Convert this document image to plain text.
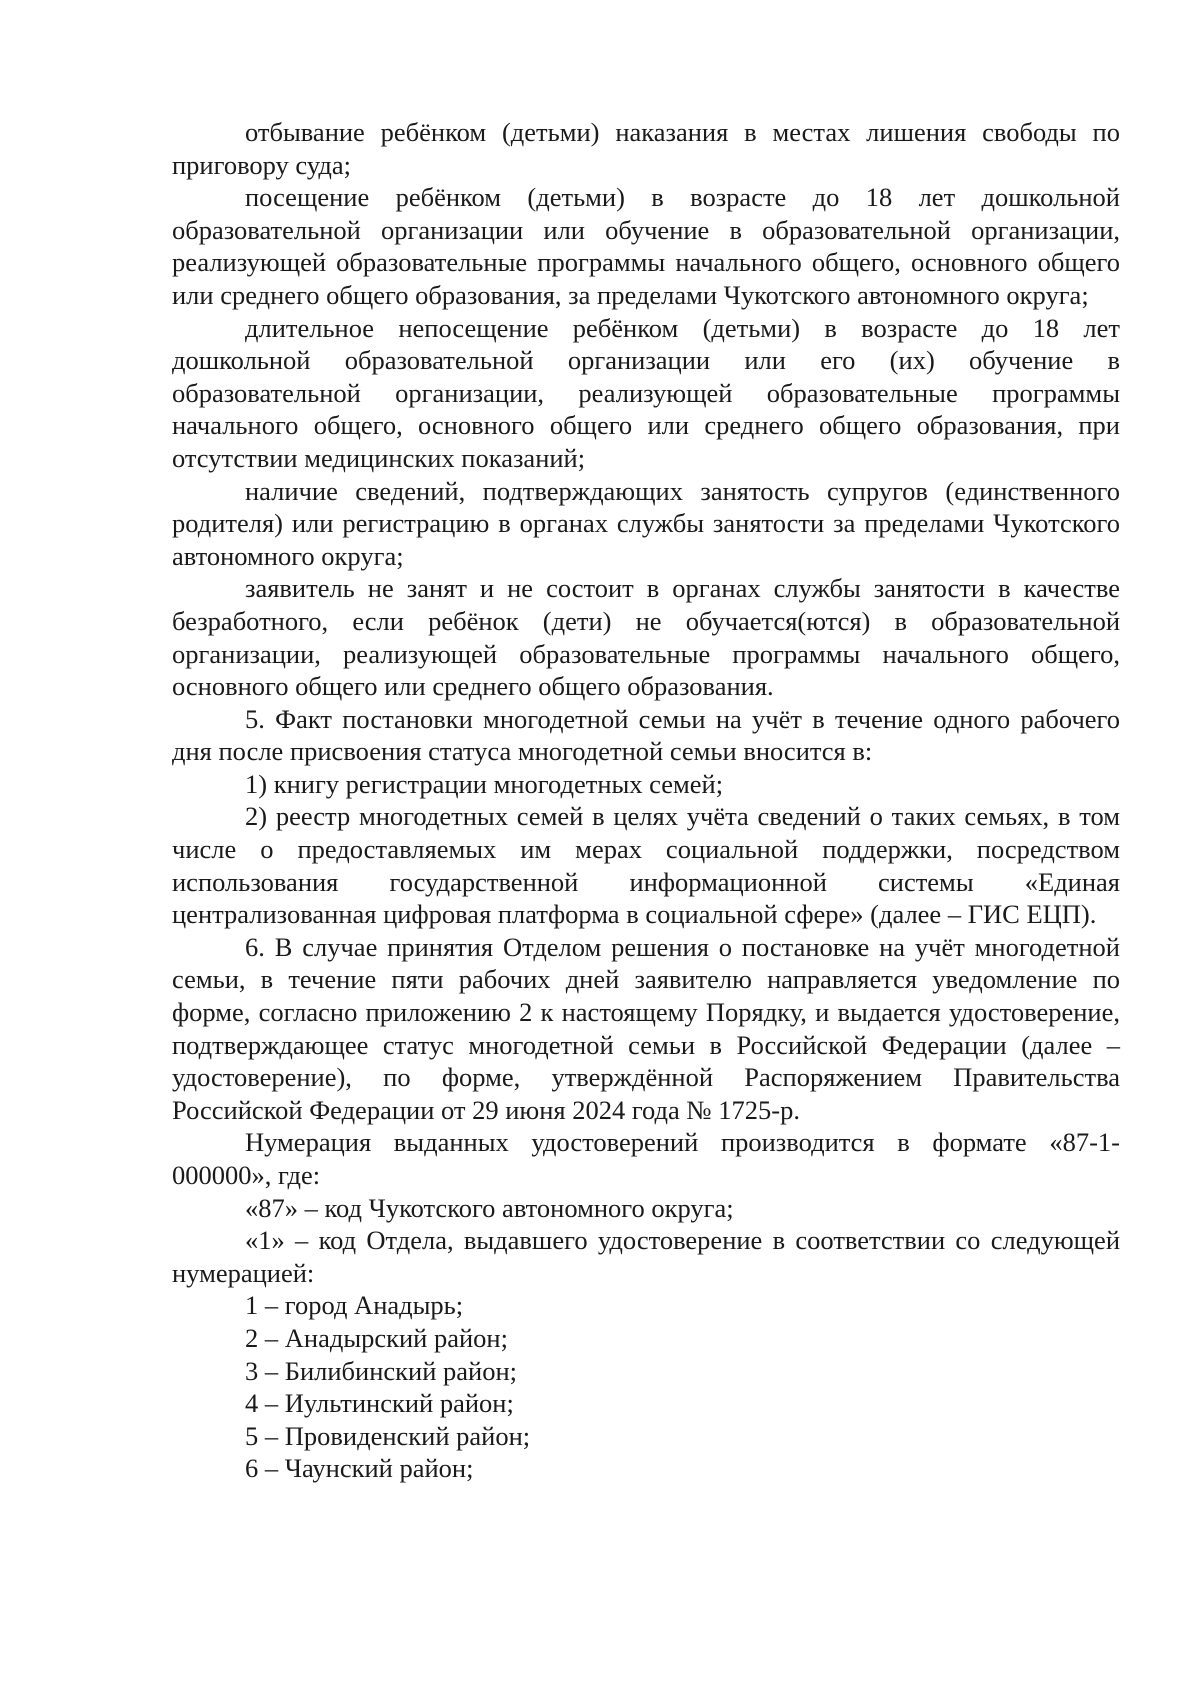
отбывание ребёнком (детьми) наказания в местах лишения свободы по приговору суда;

посещение ребёнком (детьми) в возрасте до 18 лет дошкольной образовательной организации или обучение в образовательной организации, реализующей образовательные программы начального общего, основного общего или среднего общего образования, за пределами Чукотского автономного округа;

длительное непосещение ребёнком (детьми) в возрасте до 18 лет дошкольной образовательной организации или его (их) обучение в образовательной организации, реализующей образовательные программы начального общего, основного общего или среднего общего образования, при отсутствии медицинских показаний;

наличие сведений, подтверждающих занятость супругов (единственного родителя) или регистрацию в органах службы занятости за пределами Чукотского автономного округа;

заявитель не занят и не состоит в органах службы занятости в качестве безработного, если ребёнок (дети) не обучается(ются) в образовательной организации, реализующей образовательные программы начального общего, основного общего или среднего общего образования.

5. Факт постановки многодетной семьи на учёт в течение одного рабочего дня после присвоения статуса многодетной семьи вносится в:

1) книгу регистрации многодетных семей;

2) реестр многодетных семей в целях учёта сведений о таких семьях, в том числе о предоставляемых им мерах социальной поддержки, посредством использования государственной информационной системы «Единая централизованная цифровая платформа в социальной сфере» (далее – ГИС ЕЦП).

6. В случае принятия Отделом решения о постановке на учёт многодетной семьи, в течение пяти рабочих дней заявителю направляется уведомление по форме, согласно приложению 2 к настоящему Порядку, и выдается удостоверение, подтверждающее статус многодетной семьи в Российской Федерации (далее – удостоверение), по форме, утверждённой Распоряжением Правительства Российской Федерации от 29 июня 2024 года № 1725-р.

Нумерация выданных удостоверений производится в формате «87-1-000000», где:

«87» – код Чукотского автономного округа;

«1» – код Отдела, выдавшего удостоверение в соответствии со следующей нумерацией:

1 – город Анадырь;

2 – Анадырский район;

3 – Билибинский район;

4 – Иультинский район;

5 – Провиденский район;

6 – Чаунский район;
